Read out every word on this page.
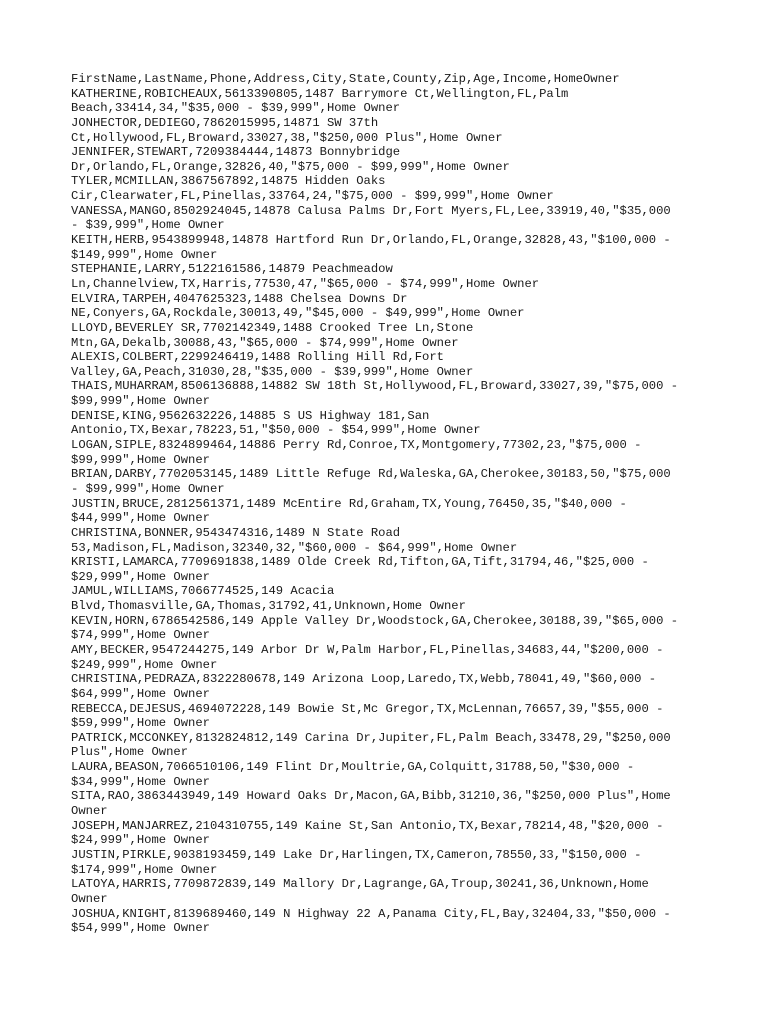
FirstName,LastName,Phone,Address,City,State,County,Zip,Age,Income,HomeOwner
KATHERINE,ROBICHEAUX,5613390805,1487 Barrymore Ct,Wellington,FL,Palm
Beach,33414,34,"$35,000 - $39,999",Home Owner
JONHECTOR,DEDIEGO,7862015995,14871 SW 37th
Ct,Hollywood,FL,Broward,33027,38,"$250,000 Plus",Home Owner
JENNIFER,STEWART,7209384444,14873 Bonnybridge
Dr,Orlando,FL,Orange,32826,40,"$75,000 - $99,999",Home Owner
TYLER,MCMILLAN,3867567892,14875 Hidden Oaks
Cir,Clearwater,FL,Pinellas,33764,24,"$75,000 - $99,999",Home Owner
VANESSA,MANGO,8502924045,14878 Calusa Palms Dr,Fort Myers,FL,Lee,33919,40,"$35,000
- $39,999",Home Owner
KEITH,HERB,9543899948,14878 Hartford Run Dr,Orlando,FL,Orange,32828,43,"$100,000 -
$149,999",Home Owner
STEPHANIE,LARRY,5122161586,14879 Peachmeadow
Ln,Channelview,TX,Harris,77530,47,"$65,000 - $74,999",Home Owner
ELVIRA,TARPEH,4047625323,1488 Chelsea Downs Dr
NE,Conyers,GA,Rockdale,30013,49,"$45,000 - $49,999",Home Owner
LLOYD,BEVERLEY SR,7702142349,1488 Crooked Tree Ln,Stone
Mtn,GA,Dekalb,30088,43,"$65,000 - $74,999",Home Owner
ALEXIS,COLBERT,2299246419,1488 Rolling Hill Rd,Fort
Valley,GA,Peach,31030,28,"$35,000 - $39,999",Home Owner
THAIS,MUHARRAM,8506136888,14882 SW 18th St,Hollywood,FL,Broward,33027,39,"$75,000 -
$99,999",Home Owner
DENISE,KING,9562632226,14885 S US Highway 181,San
Antonio,TX,Bexar,78223,51,"$50,000 - $54,999",Home Owner
LOGAN,SIPLE,8324899464,14886 Perry Rd,Conroe,TX,Montgomery,77302,23,"$75,000 -
$99,999",Home Owner
BRIAN,DARBY,7702053145,1489 Little Refuge Rd,Waleska,GA,Cherokee,30183,50,"$75,000
- $99,999",Home Owner
JUSTIN,BRUCE,2812561371,1489 McEntire Rd,Graham,TX,Young,76450,35,"$40,000 -
$44,999",Home Owner
CHRISTINA,BONNER,9543474316,1489 N State Road
53,Madison,FL,Madison,32340,32,"$60,000 - $64,999",Home Owner
KRISTI,LAMARCA,7709691838,1489 Olde Creek Rd,Tifton,GA,Tift,31794,46,"$25,000 -
$29,999",Home Owner
JAMUL,WILLIAMS,7066774525,149 Acacia
Blvd,Thomasville,GA,Thomas,31792,41,Unknown,Home Owner
KEVIN,HORN,6786542586,149 Apple Valley Dr,Woodstock,GA,Cherokee,30188,39,"$65,000 -
$74,999",Home Owner
AMY,BECKER,9547244275,149 Arbor Dr W,Palm Harbor,FL,Pinellas,34683,44,"$200,000 -
$249,999",Home Owner
CHRISTINA,PEDRAZA,8322280678,149 Arizona Loop,Laredo,TX,Webb,78041,49,"$60,000 -
$64,999",Home Owner
REBECCA,DEJESUS,4694072228,149 Bowie St,Mc Gregor,TX,McLennan,76657,39,"$55,000 -
$59,999",Home Owner
PATRICK,MCCONKEY,8132824812,149 Carina Dr,Jupiter,FL,Palm Beach,33478,29,"$250,000
Plus",Home Owner
LAURA,BEASON,7066510106,149 Flint Dr,Moultrie,GA,Colquitt,31788,50,"$30,000 -
$34,999",Home Owner
SITA,RAO,3863443949,149 Howard Oaks Dr,Macon,GA,Bibb,31210,36,"$250,000 Plus",Home
Owner
JOSEPH,MANJARREZ,2104310755,149 Kaine St,San Antonio,TX,Bexar,78214,48,"$20,000 -
$24,999",Home Owner
JUSTIN,PIRKLE,9038193459,149 Lake Dr,Harlingen,TX,Cameron,78550,33,"$150,000 -
$174,999",Home Owner
LATOYA,HARRIS,7709872839,149 Mallory Dr,Lagrange,GA,Troup,30241,36,Unknown,Home
Owner
JOSHUA,KNIGHT,8139689460,149 N Highway 22 A,Panama City,FL,Bay,32404,33,"$50,000 -
$54,999",Home Owner
